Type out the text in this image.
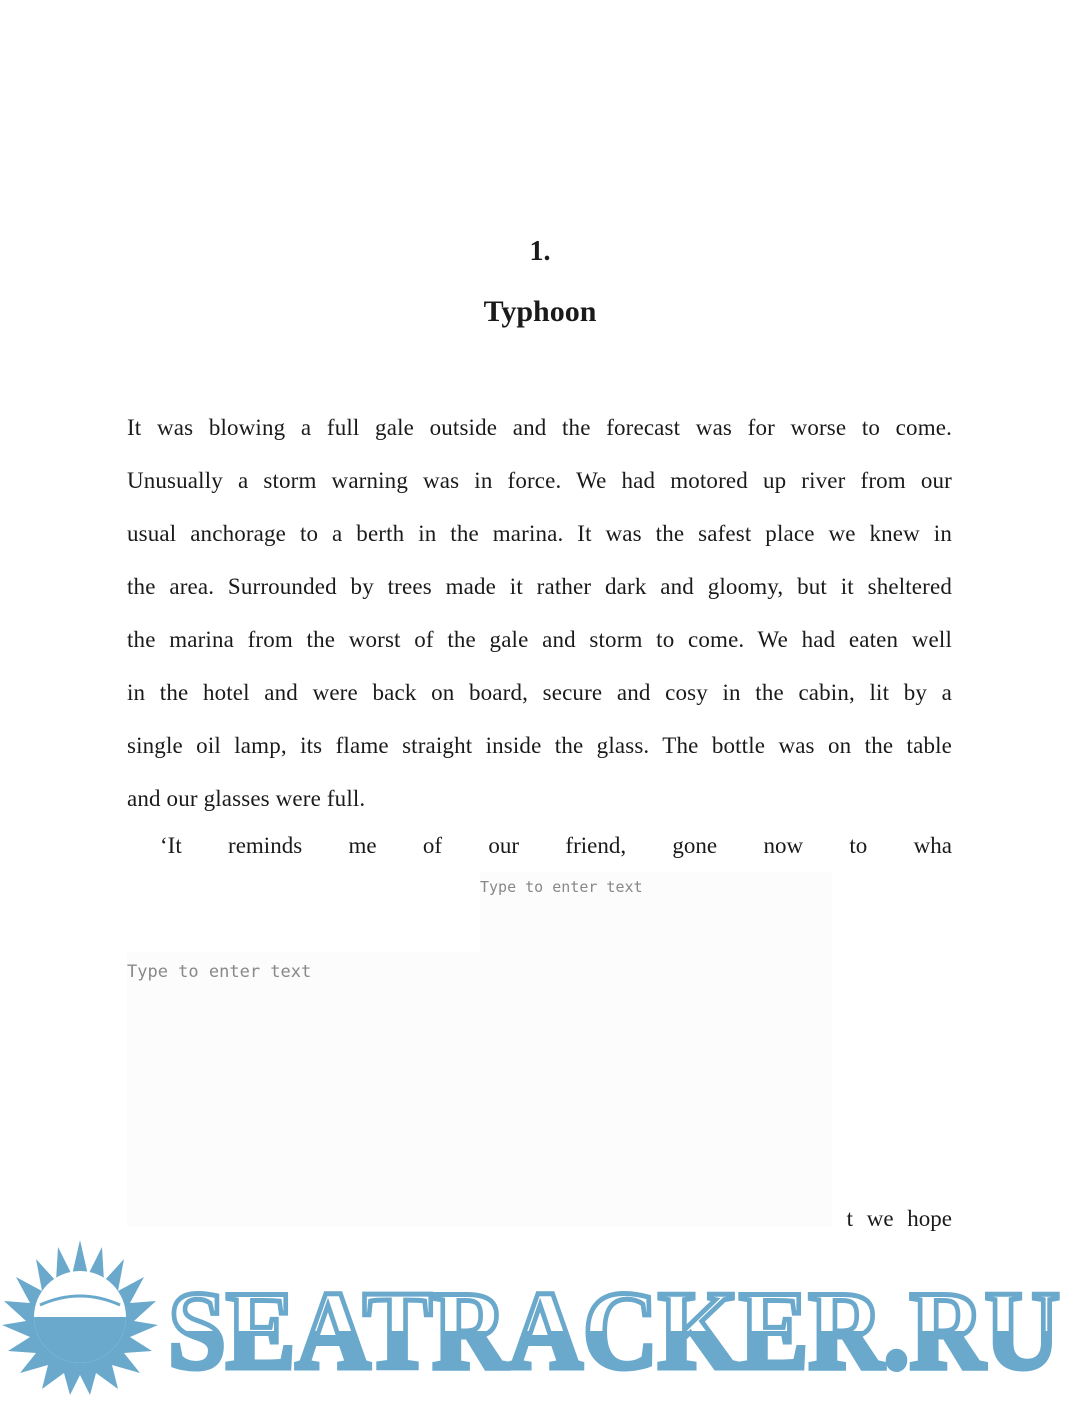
1.
Typhoon

It was blowing a full gale outside and the forecast was for worse to come.

Unusually a storm warning was in force. We had motored up river from our

usual anchorage to a berth in the marina. It was the safest place we knew in

the area. Surrounded by trees made it rather dark and gloomy, but it sheltered

the marina from the worst of the gale and storm to come. We had eaten well

in the hotel and were back on board, secure and cosy in the cabin, lit by a

single oil lamp, its flame straight inside the glass. The bottle was on the table

and our glasses were full.

‘It reminds me of our friend, gone now to wha
Type to enter text
Type to enter text
t we hope
SEATRACKER.RU
